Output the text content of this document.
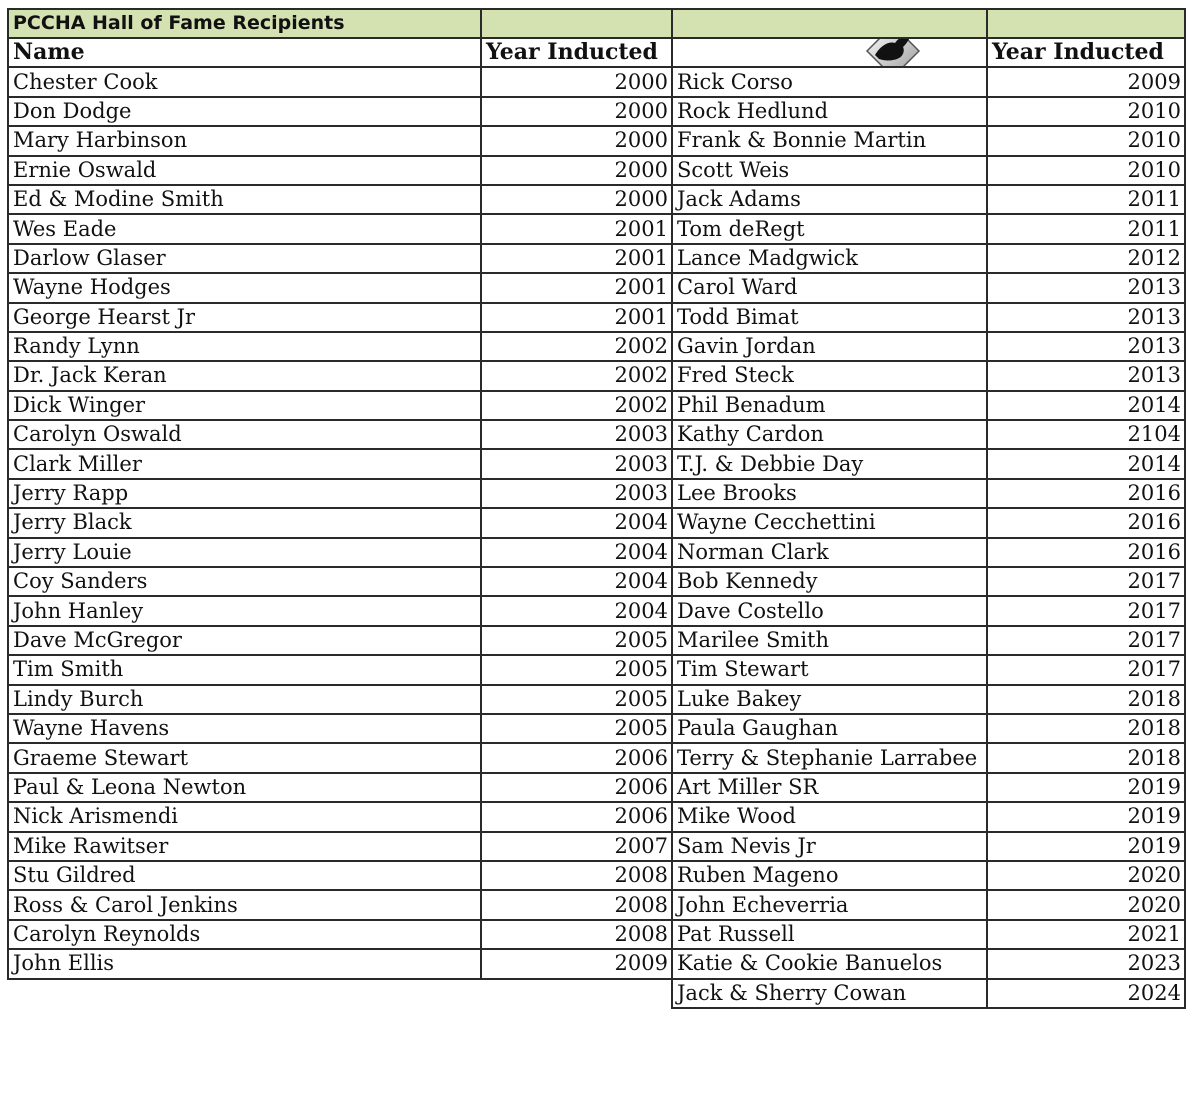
PCCHA Hall of Fame Recipients			
Name	Year Inducted		Year Inducted
Chester Cook	2000	Rick Corso	2009
Don Dodge	2000	Rock Hedlund	2010
Mary Harbinson	2000	Frank & Bonnie Martin	2010
Ernie Oswald	2000	Scott Weis	2010
Ed & Modine Smith	2000	Jack Adams	2011
Wes Eade	2001	Tom deRegt	2011
Darlow Glaser	2001	Lance Madgwick	2012
Wayne Hodges	2001	Carol Ward	2013
George Hearst Jr	2001	Todd Bimat	2013
Randy Lynn	2002	Gavin Jordan	2013
Dr. Jack Keran	2002	Fred Steck	2013
Dick Winger	2002	Phil Benadum	2014
Carolyn Oswald	2003	Kathy Cardon	2104
Clark Miller	2003	T.J. & Debbie Day	2014
Jerry Rapp	2003	Lee Brooks	2016
Jerry Black	2004	Wayne Cecchettini	2016
Jerry Louie	2004	Norman Clark	2016
Coy Sanders	2004	Bob Kennedy	2017
John Hanley	2004	Dave Costello	2017
Dave McGregor	2005	Marilee Smith	2017
Tim Smith	2005	Tim Stewart	2017
Lindy Burch	2005	Luke Bakey	2018
Wayne Havens	2005	Paula Gaughan	2018
Graeme Stewart	2006	Terry & Stephanie Larrabee	2018
Paul & Leona Newton	2006	Art Miller SR	2019
Nick Arismendi	2006	Mike Wood	2019
Mike Rawitser	2007	Sam Nevis Jr	2019
Stu Gildred	2008	Ruben Mageno	2020
Ross & Carol Jenkins	2008	John Echeverria	2020
Carolyn Reynolds	2008	Pat Russell	2021
John Ellis	2009	Katie & Cookie Banuelos	2023
		Jack & Sherry Cowan	2024
